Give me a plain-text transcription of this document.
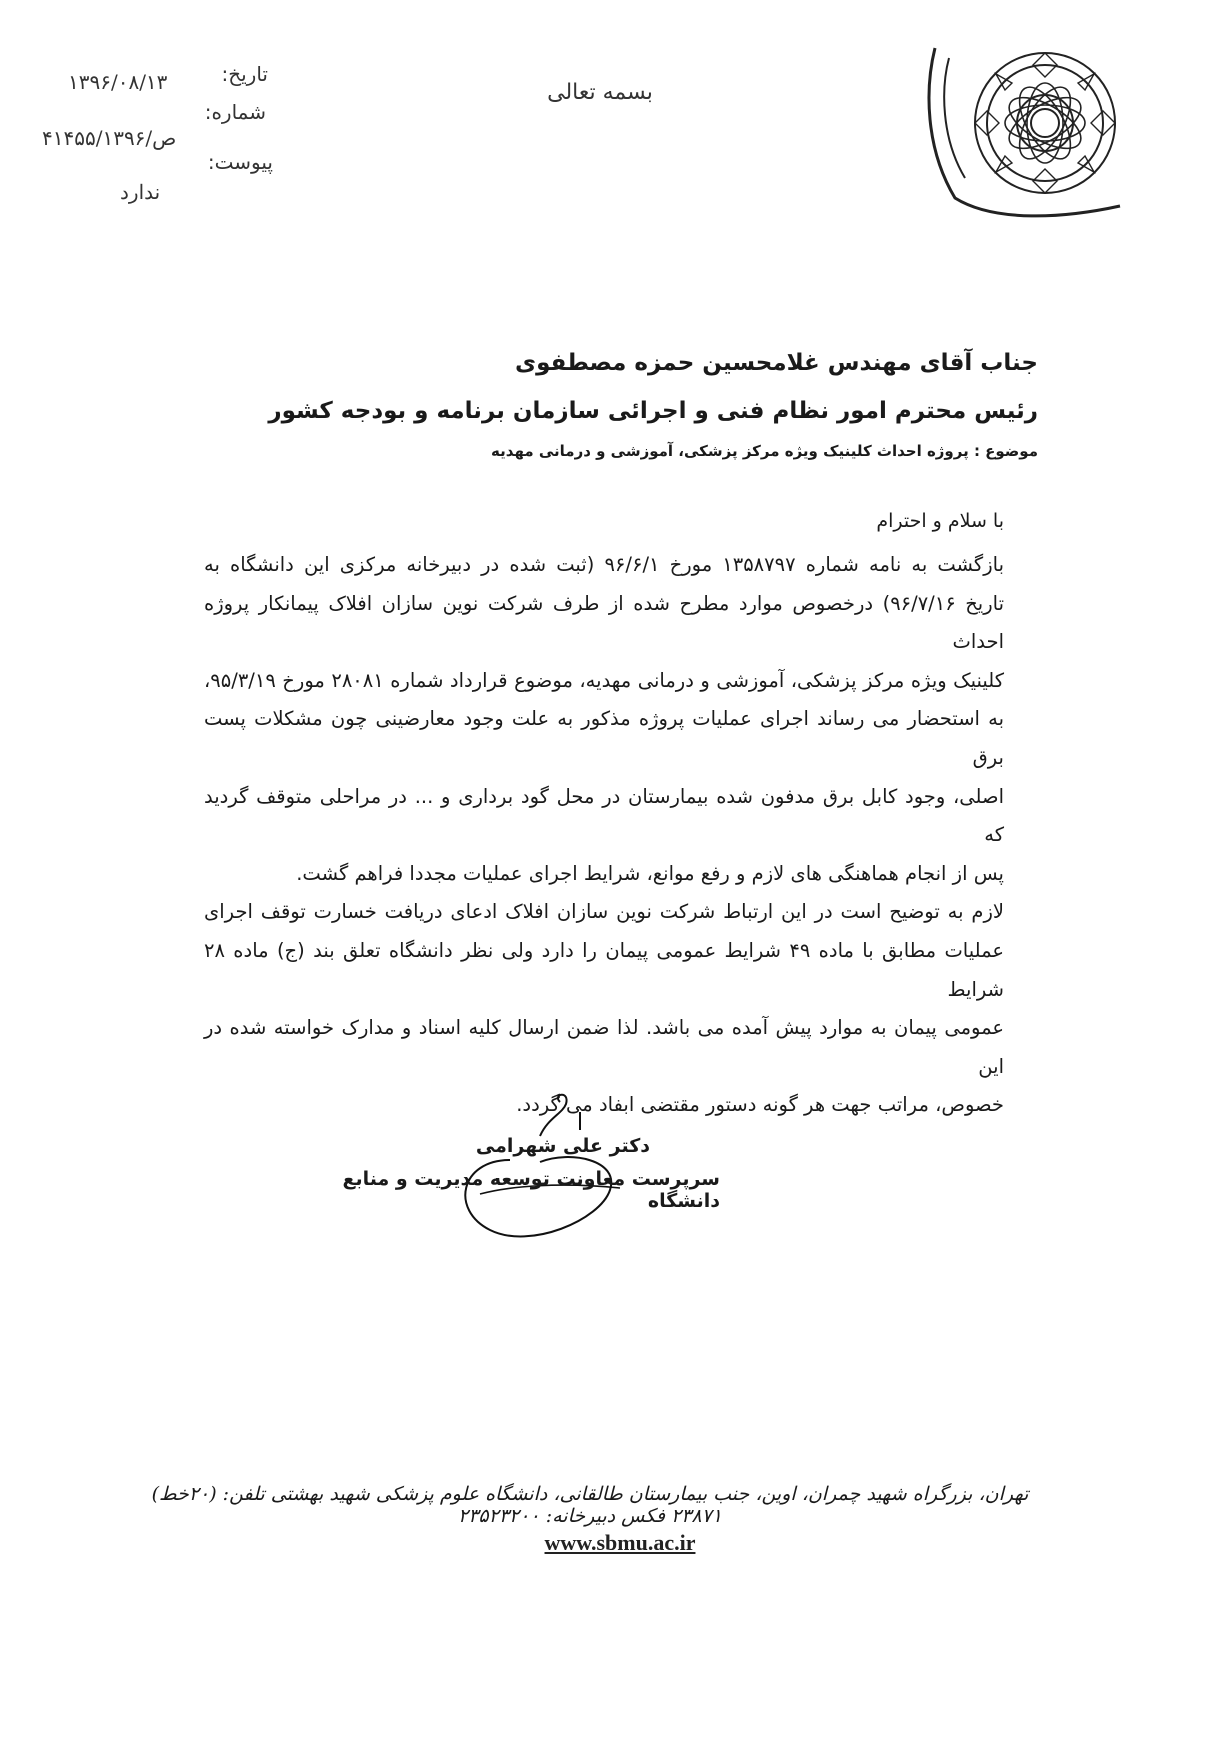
تاریخ:
۱۳۹۶/۰۸/۱۳
شماره:
۴۱۴۵۵/ص/۱۳۹۶
پیوست:
ندارد
بسمه تعالی
جناب آقای مهندس غلامحسین حمزه مصطفوی
رئیس محترم امور نظام فنی و اجرائی سازمان برنامه و بودجه کشور
موضوع : پروژه احداث کلینیک ویژه مرکز پزشکی، آموزشی و درمانی مهدیه
با سلام و احترام
بازگشت به نامه شماره ۱۳۵۸۷۹۷ مورخ ۹۶/۶/۱ (ثبت شده در دبیرخانه مرکزی این دانشگاه به
تاریخ ۹۶/۷/۱۶) درخصوص موارد مطرح شده از طرف شرکت نوین سازان افلاک پیمانکار پروژه احداث
کلینیک ویژه مرکز پزشکی، آموزشی و درمانی مهدیه، موضوع قرارداد شماره ۲۸۰۸۱ مورخ ۹۵/۳/۱۹،
به استحضار می رساند اجرای عملیات پروژه مذکور به علت وجود معارضینی چون مشکلات پست برق
اصلی، وجود کابل برق مدفون شده بیمارستان در محل گود برداری و ... در مراحلی متوقف گردید که
پس از انجام هماهنگی های لازم و رفع موانع، شرایط اجرای عملیات مجددا فراهم گشت.
لازم به توضیح است در این ارتباط شرکت نوین سازان افلاک ادعای دریافت خسارت توقف اجرای
عملیات مطابق با ماده ۴۹ شرایط عمومی پیمان را دارد ولی نظر دانشگاه تعلق بند (ج) ماده ۲۸ شرایط
عمومی پیمان به موارد پیش آمده می باشد. لذا ضمن ارسال کلیه اسناد و مدارک خواسته شده در این
خصوص، مراتب جهت هر گونه دستور مقتضی ابفاد می گردد.
دکتر علی شهرامی
سرپرست معاونت توسعه مدیریت و منابع دانشگاه
تهران، بزرگراه شهید چمران، اوین، جنب بیمارستان طالقانی، دانشگاه علوم پزشکی شهید بهشتی تلفن: (۲۰خط) ۲۳۸۷۱ فکس دبیرخانه: ۲۳۵۲۳۲۰۰
www.sbmu.ac.ir
